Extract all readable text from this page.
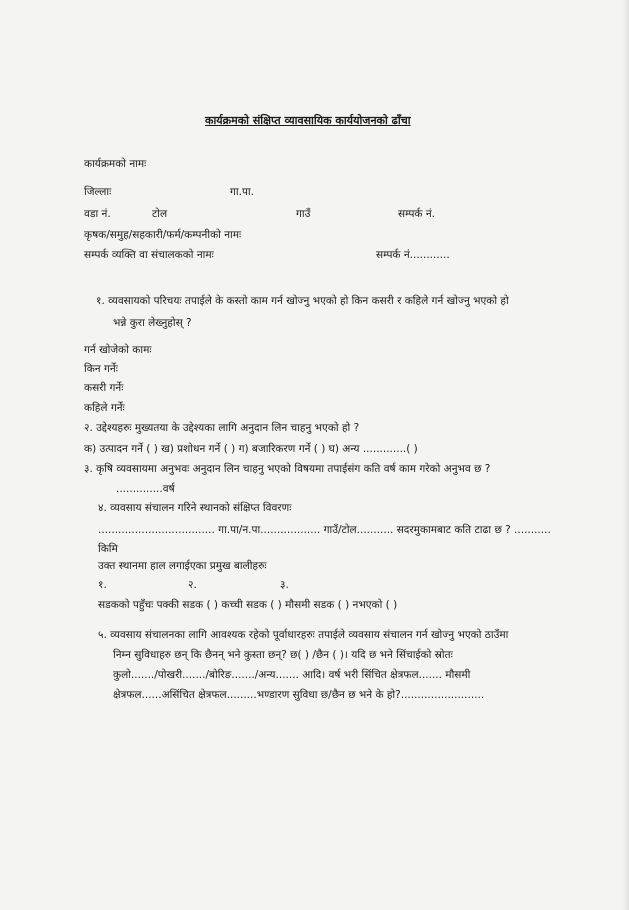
कार्यक्रमको संक्षिप्त व्यावसायिक कार्ययोजनको ढाँचा
कार्यक्रमको नामः
जिल्लाः	गा.पा.
वडा नं.	टोल	गाउँ	सम्पर्क नं.
कृषक/समुह/सहकारी/फर्म/कम्पनीको नामः
सम्पर्क व्यक्ति वा संचालकको नामः	सम्पर्क नं............
१. व्यवसायको परिचयः तपाईले के कस्तो काम गर्न खोज्नु भएको हो किन कसरी र कहिले गर्न खोज्नु भएको हो
भन्ने कुरा लेख्नुहोस् ?
गर्न खोजेको कामः
किन गर्नेः
कसरी गर्नेः
कहिले गर्नेः
२. उद्देश्यहरुः मुख्यतया के उद्देश्यका लागि अनुदान लिन चाहनु भएको हो ?
क) उत्पादन गर्ने ( ) ख) प्रशोधन गर्ने ( ) ग) बजारिकरण गर्ने ( ) घ) अन्य .............( )
३. कृषि व्यवसायमा अनुभवः अनुदान लिन चाहनु भएको विषयमा तपाईसंग कति वर्ष काम गरेको अनुभव छ ?
..............वर्ष
४. व्यवसाय संचालन गरिने स्थानको संक्षिप्त विवरणः
................................... गा.पा/न.पा.................. गाउँ/टोल........... सदरमुकामबाट कति टाढा छ ? ...........
किमि
उक्त स्थानमा हाल लगाईएका प्रमुख बालीहरुः
१.	२.	३.
सडकको पहुँचः पक्की सडक ( ) कच्ची सडक ( ) मौसमी सडक ( ) नभएको ( )
५. व्यवसाय संचालनका लागि आवश्यक रहेको पूर्वाधारहरुः तपाईले व्यवसाय संचालन गर्न खोज्नु भएको ठाउँमा
निम्न सुविधाहरु छन् कि छैनन् भने कुस्ता छन्? छ( ) /छैन ( )। यदि छ भने सिंचाईको स्रोतः
कुलो......./पोखरी......./बोरिङ......./अन्य....... आदि। वर्ष भरी सिंचित क्षेत्रफल....... मौसमी
क्षेत्रफल......असिंचित क्षेत्रफल.........भण्डारण सुविधा छ/छैन छ भने के हो?.........................
